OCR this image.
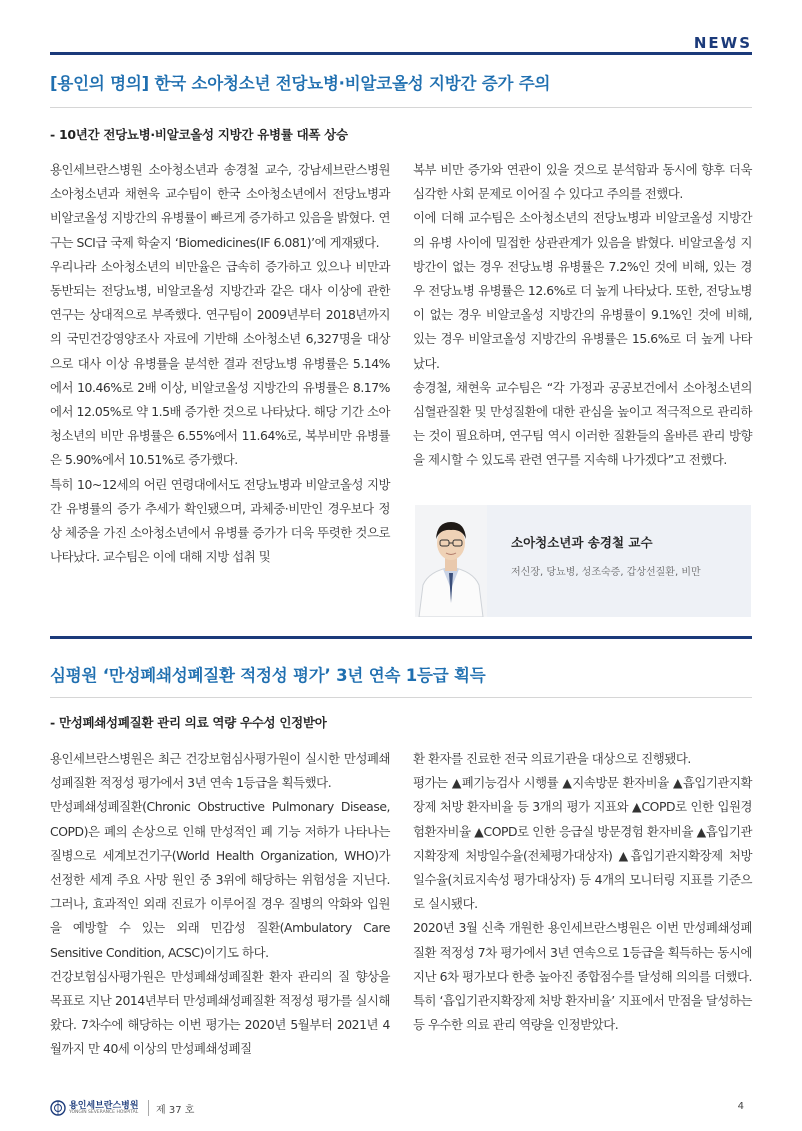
NEWS
[용인의 명의] 한국 소아청소년 전당뇨병·비알코올성 지방간 증가 주의
- 10년간 전당뇨병·비알코올성 지방간 유병률 대폭 상승

용인세브란스병원 소아청소년과 송경철 교수, 강남세브란스병원 소아청소년과 채현욱 교수팀이 한국 소아청소년에서 전당뇨병과 비알코올성 지방간의 유병률이 빠르게 증가하고 있음을 밝혔다. 연구는 SCI급 국제 학술지 ‘Biomedicines(IF 6.081)’에 게재됐다.

우리나라 소아청소년의 비만율은 급속히 증가하고 있으나 비만과 동반되는 전당뇨병, 비알코올성 지방간과 같은 대사 이상에 관한 연구는 상대적으로 부족했다. 연구팀이 2009년부터 2018년까지의 국민건강영양조사 자료에 기반해 소아청소년 6,327명을 대상으로 대사 이상 유병률을 분석한 결과 전당뇨병 유병률은 5.14%에서 10.46%로 2배 이상, 비알코올성 지방간의 유병률은 8.17%에서 12.05%로 약 1.5배 증가한 것으로 나타났다. 해당 기간 소아청소년의 비만 유병률은 6.55%에서 11.64%로, 복부비만 유병률은 5.90%에서 10.51%로 증가했다.

특히 10~12세의 어린 연령대에서도 전당뇨병과 비알코올성 지방간 유병률의 증가 추세가 확인됐으며, 과체중·비만인 경우보다 정상 체중을 가진 소아청소년에서 유병률 증가가 더욱 뚜렷한 것으로 나타났다. 교수팀은 이에 대해 지방 섭취 및

복부 비만 증가와 연관이 있을 것으로 분석함과 동시에 향후 더욱 심각한 사회 문제로 이어질 수 있다고 주의를 전했다.

이에 더해 교수팀은 소아청소년의 전당뇨병과 비알코올성 지방간의 유병 사이에 밀접한 상관관계가 있음을 밝혔다. 비알코올성 지방간이 없는 경우 전당뇨병 유병률은 7.2%인 것에 비해, 있는 경우 전당뇨병 유병률은 12.6%로 더 높게 나타났다. 또한, 전당뇨병이 없는 경우 비알코올성 지방간의 유병률이 9.1%인 것에 비해, 있는 경우 비알코올성 지방간의 유병률은 15.6%로 더 높게 나타났다.

송경철, 채현욱 교수팀은 “각 가정과 공공보건에서 소아청소년의 심혈관질환 및 만성질환에 대한 관심을 높이고 적극적으로 관리하는 것이 필요하며, 연구팀 역시 이러한 질환들의 올바른 관리 방향을 제시할 수 있도록 관련 연구를 지속해 나가겠다”고 전했다.

소아청소년과 송경철 교수
저신장, 당뇨병, 성조숙증, 갑상선질환, 비만
심평원 ‘만성폐쇄성폐질환 적정성 평가’ 3년 연속 1등급 획득
- 만성폐쇄성폐질환 관리 의료 역량 우수성 인정받아

용인세브란스병원은 최근 건강보험심사평가원이 실시한 만성폐쇄성폐질환 적정성 평가에서 3년 연속 1등급을 획득했다.

만성폐쇄성폐질환(Chronic Obstructive Pulmonary Disease, COPD)은 폐의 손상으로 인해 만성적인 폐 기능 저하가 나타나는 질병으로 세계보건기구(World Health Organization, WHO)가 선정한 세계 주요 사망 원인 중 3위에 해당하는 위험성을 지닌다. 그러나, 효과적인 외래 진료가 이루어질 경우 질병의 악화와 입원을 예방할 수 있는 외래 민감성 질환(Ambulatory Care Sensitive Condition, ACSC)이기도 하다.

건강보험심사평가원은 만성폐쇄성폐질환 환자 관리의 질 향상을 목표로 지난 2014년부터 만성폐쇄성폐질환 적정성 평가를 실시해왔다. 7차수에 해당하는 이번 평가는 2020년 5월부터 2021년 4월까지 만 40세 이상의 만성폐쇄성폐질

환 환자를 진료한 전국 의료기관을 대상으로 진행됐다.

평가는 ▲폐기능검사 시행률 ▲지속방문 환자비율 ▲흡입기관지확장제 처방 환자비율 등 3개의 평가 지표와 ▲COPD로 인한 입원경험환자비율 ▲COPD로 인한 응급실 방문경험 환자비율 ▲흡입기관지확장제 처방일수율(전체평가대상자) ▲흡입기관지확장제 처방일수율(치료지속성 평가대상자) 등 4개의 모니터링 지표를 기준으로 실시됐다.

2020년 3월 신축 개원한 용인세브란스병원은 이번 만성폐쇄성폐질환 적정성 7차 평가에서 3년 연속으로 1등급을 획득하는 동시에 지난 6차 평가보다 한층 높아진 종합점수를 달성해 의의를 더했다. 특히 ‘흡입기관지확장제 처방 환자비율’ 지표에서 만점을 달성하는 등 우수한 의료 관리 역량을 인정받았다.

용인세브란스병원
YONGIN SEVERANCE HOSPITAL 제 37 호	4
